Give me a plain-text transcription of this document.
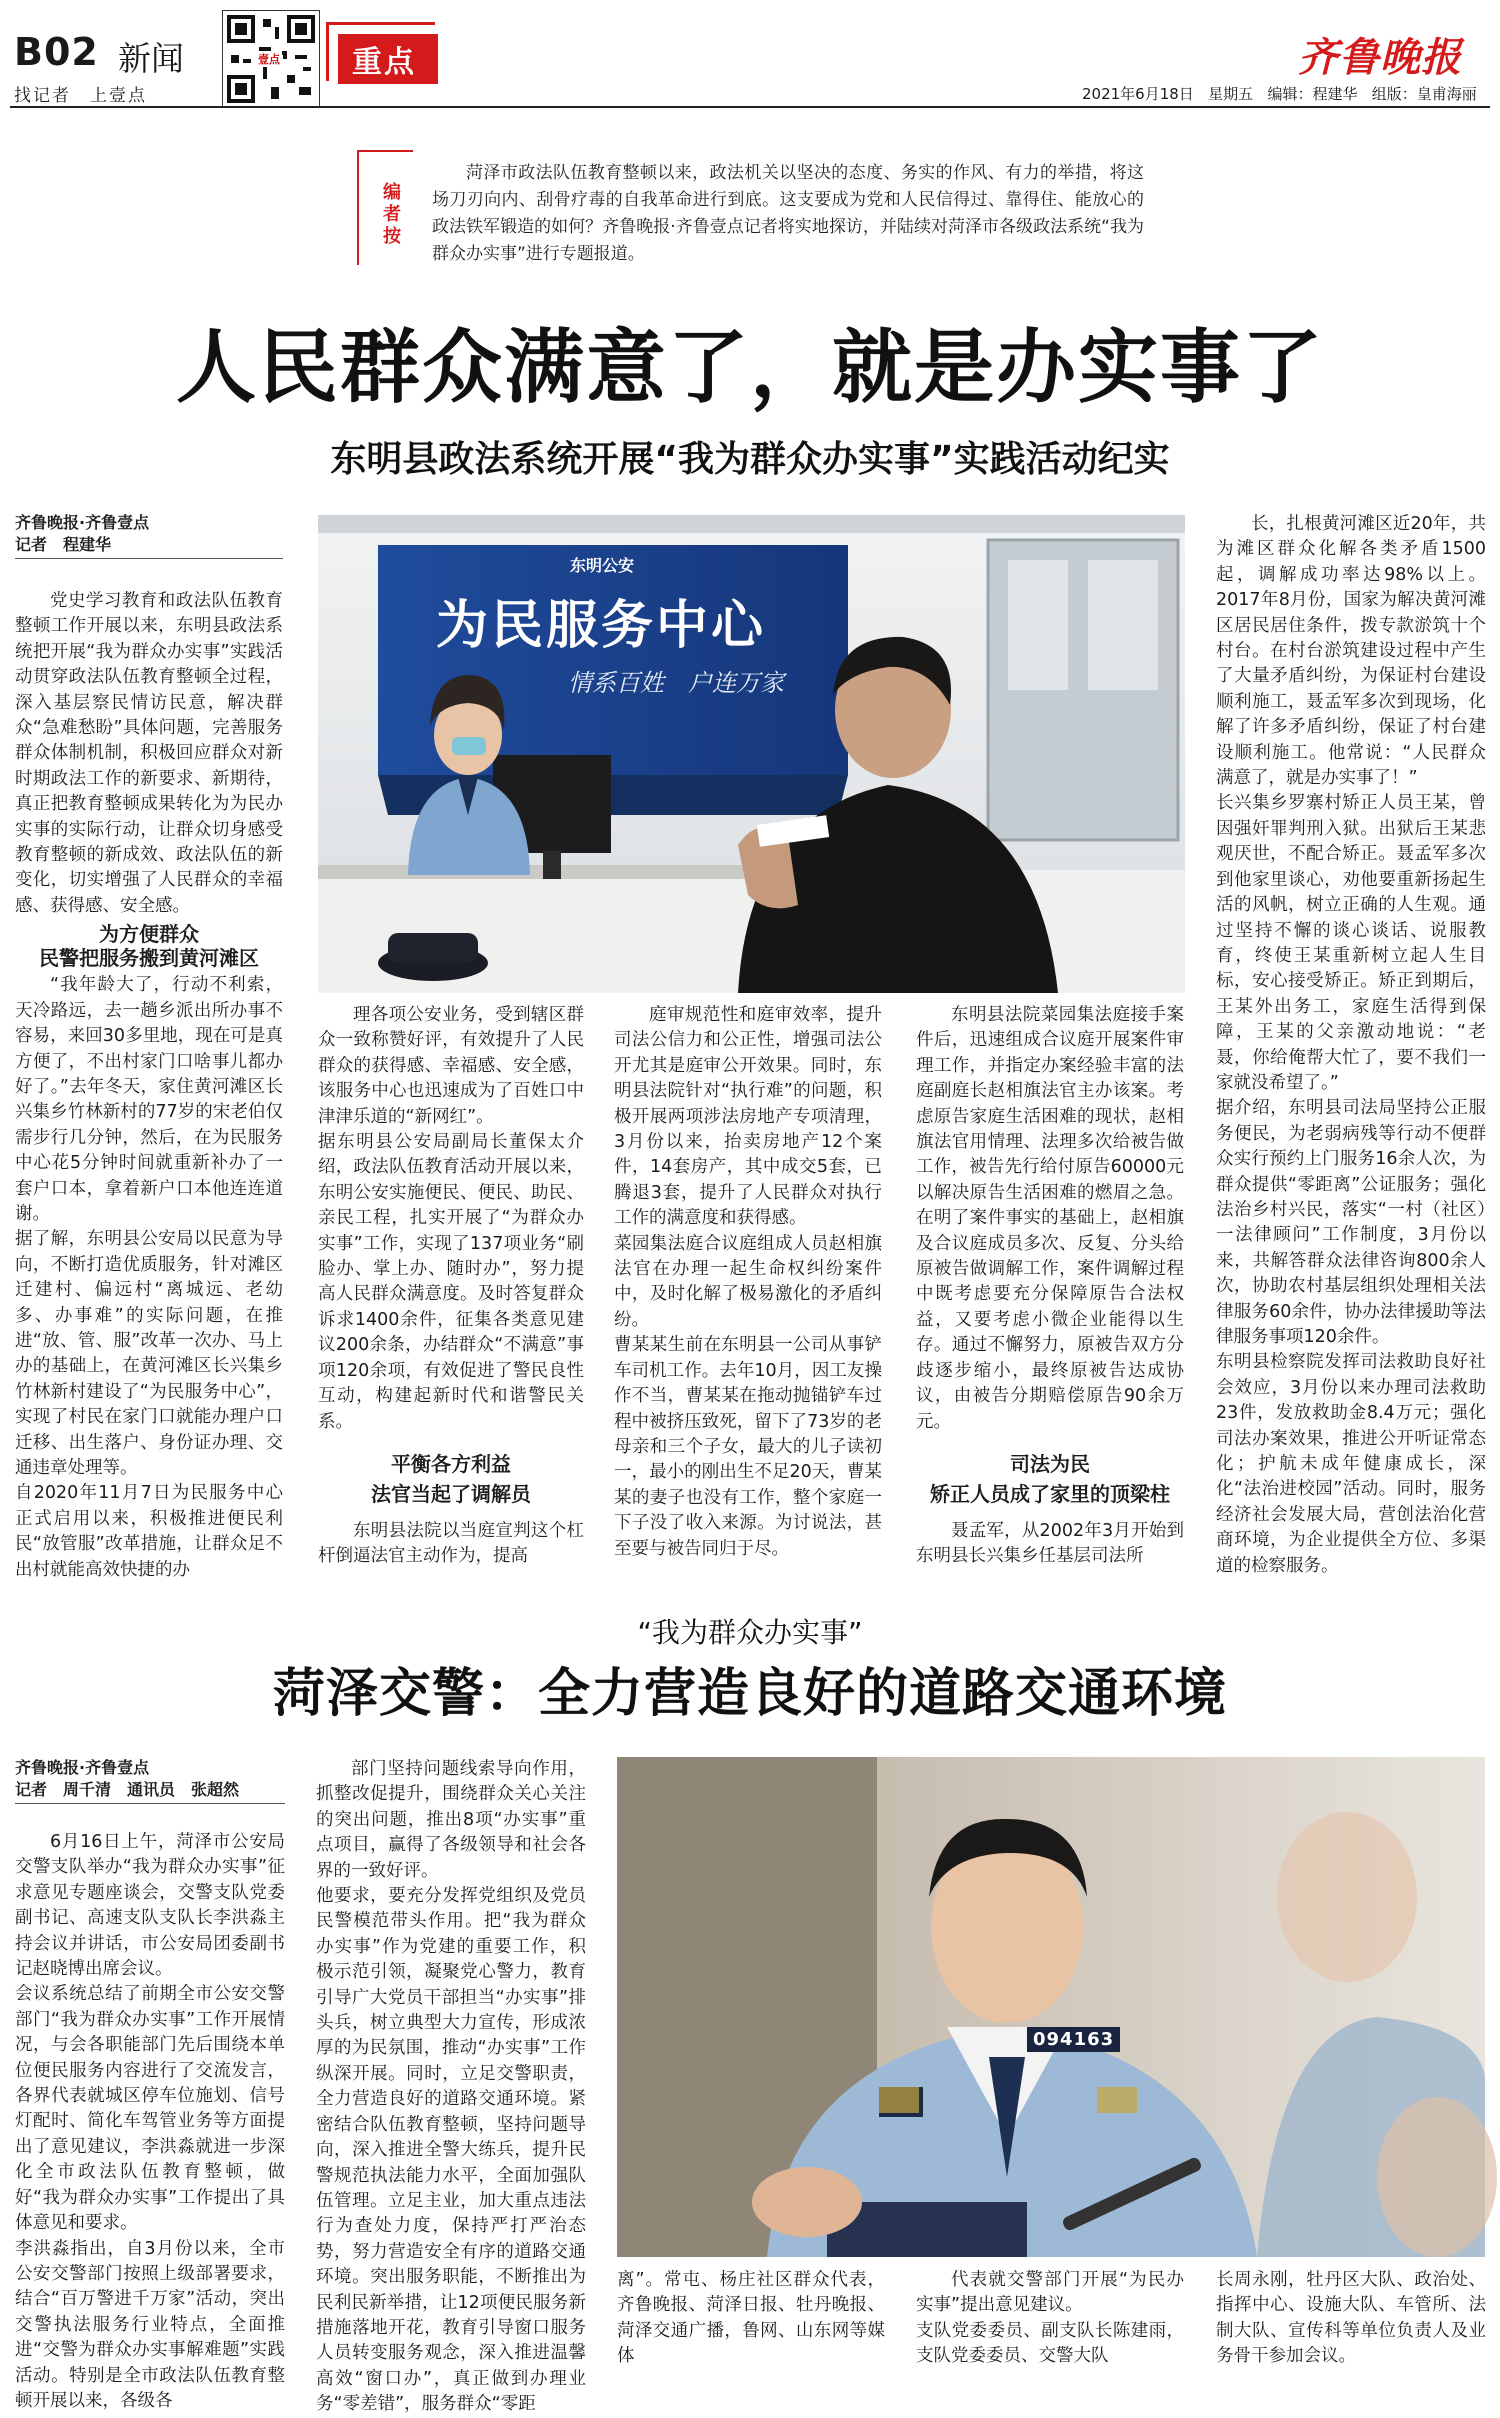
B02 新闻
找记者　上壹点
壹点 重点	齐鲁晚报
2021年6月18日 星期五 编辑：程建华 组版：皇甫海丽
编者按
菏泽市政法队伍教育整顿以来，政法机关以坚决的态度、务实的作风、有力的举措，将这场刀刃向内、刮骨疗毒的自我革命进行到底。这支要成为党和人民信得过、靠得住、能放心的政法铁军锻造的如何？齐鲁晚报·齐鲁壹点记者将实地探访，并陆续对菏泽市各级政法系统“我为群众办实事”进行专题报道。
人民群众满意了，就是办实事了
东明县政法系统开展“我为群众办实事”实践活动纪实
东明公安
为民服务中心
情系百姓　户连万家
齐鲁晚报·齐鲁壹点
记者　程建华

党史学习教育和政法队伍教育整顿工作开展以来，东明县政法系统把开展“我为群众办实事”实践活动贯穿政法队伍教育整顿全过程，深入基层察民情访民意，解决群众“急难愁盼”具体问题，完善服务群众体制机制，积极回应群众对新时期政法工作的新要求、新期待，真正把教育整顿成果转化为为民办实事的实际行动，让群众切身感受教育整顿的新成效、政法队伍的新变化，切实增强了人民群众的幸福感、获得感、安全感。

为方便群众

民警把服务搬到黄河滩区

“我年龄大了，行动不利索，天冷路远，去一趟乡派出所办事不容易，来回30多里地，现在可是真方便了，不出村家门口啥事儿都办好了。”去年冬天，家住黄河滩区长兴集乡竹林新村的77岁的宋老伯仅需步行几分钟，然后，在为民服务中心花5分钟时间就重新补办了一套户口本，拿着新户口本他连连道谢。
据了解，东明县公安局以民意为导向，不断打造优质服务，针对滩区迁建村、偏远村“离城远、老幼多、办事难”的实际问题，在推进“放、管、服”改革一次办、马上办的基础上，在黄河滩区长兴集乡竹林新村建设了“为民服务中心”，实现了村民在家门口就能办理户口迁移、出生落户、身份证办理、交通违章处理等。
自2020年11月7日为民服务中心正式启用以来，积极推进便民利民“放管服”改革措施，让群众足不出村就能高效快捷的办
理各项公安业务，受到辖区群众一致称赞好评，有效提升了人民群众的获得感、幸福感、安全感，该服务中心也迅速成为了百姓口中津津乐道的“新网红”。
据东明县公安局副局长董保太介绍，政法队伍教育活动开展以来，东明公安实施便民、便民、助民、亲民工程，扎实开展了“为群众办实事”工作，实现了137项业务“刷脸办、掌上办、随时办”，努力提高人民群众满意度。及时答复群众诉求1400余件，征集各类意见建议200余条，办结群众“不满意”事项120余项，有效促进了警民良性互动，构建起新时代和谐警民关系。

平衡各方利益

法官当起了调解员

东明县法院以当庭宣判这个杠杆倒逼法官主动作为，提高

庭审规范性和庭审效率，提升司法公信力和公正性，增强司法公开尤其是庭审公开效果。同时，东明县法院针对“执行难”的问题，积极开展两项涉法房地产专项清理，3月份以来，抬卖房地产12个案件，14套房产，其中成交5套，已腾退3套，提升了人民群众对执行工作的满意度和获得感。
菜园集法庭合议庭组成人员赵相旗法官在办理一起生命权纠纷案件中，及时化解了极易激化的矛盾纠纷。
曹某某生前在东明县一公司从事铲车司机工作。去年10月，因工友操作不当，曹某某在拖动抛锚铲车过程中被挤压致死，留下了73岁的老母亲和三个子女，最大的儿子读初一，最小的刚出生不足20天，曹某某的妻子也没有工作，整个家庭一下子没了收入来源。为讨说法，甚至要与被告同归于尽。
东明县法院菜园集法庭接手案件后，迅速组成合议庭开展案件审理工作，并指定办案经验丰富的法庭副庭长赵相旗法官主办该案。考虑原告家庭生活困难的现状，赵相旗法官用情理、法理多次给被告做工作，被告先行给付原告60000元以解决原告生活困难的燃眉之急。在明了案件事实的基础上，赵相旗及合议庭成员多次、反复、分头给原被告做调解工作，案件调解过程中既考虑要充分保障原告合法权益，又要考虑小微企业能得以生存。通过不懈努力，原被告双方分歧逐步缩小，最终原被告达成协议，由被告分期赔偿原告90余万元。

司法为民

矫正人员成了家里的顶梁柱

聂孟军，从2002年3月开始到东明县长兴集乡任基层司法所

长，扎根黄河滩区近20年，共为滩区群众化解各类矛盾1500起，调解成功率达98%以上。2017年8月份，国家为解决黄河滩区居民居住条件，拨专款淤筑十个村台。在村台淤筑建设过程中产生了大量矛盾纠纷，为保证村台建设顺利施工，聂孟军多次到现场，化解了许多矛盾纠纷，保证了村台建设顺利施工。他常说：“人民群众满意了，就是办实事了！”
长兴集乡罗寨村矫正人员王某，曾因强奸罪判刑入狱。出狱后王某悲观厌世，不配合矫正。聂孟军多次到他家里谈心，劝他要重新扬起生活的风帆，树立正确的人生观。通过坚持不懈的谈心谈话、说服教育，终使王某重新树立起人生目标，安心接受矫正。矫正到期后，王某外出务工，家庭生活得到保障，王某的父亲激动地说：“老聂，你给俺帮大忙了，要不我们一家就没希望了。”
据介绍，东明县司法局坚持公正服务便民，为老弱病残等行动不便群众实行预约上门服务16余人次，为群众提供“零距离”公证服务；强化法治乡村兴民，落实“一村（社区）一法律顾问”工作制度，3月份以来，共解答群众法律咨询800余人次，协助农村基层组织处理相关法律服务60余件，协办法律援助等法律服务事项120余件。
东明县检察院发挥司法救助良好社会效应，3月份以来办理司法救助23件，发放救助金8.4万元；强化司法办案效果，推进公开听证常态化；护航未成年健康成长，深化“法治进校园”活动。同时，服务经济社会发展大局，营创法治化营商环境，为企业提供全方位、多渠道的检察服务。
“我为群众办实事”
菏泽交警：全力营造良好的道路交通环境
094163
齐鲁晚报·齐鲁壹点
记者　周千清　通讯员　张超然
6月16日上午，菏泽市公安局交警支队举办“我为群众办实事”征求意见专题座谈会，交警支队党委副书记、高速支队支队长李洪淼主持会议并讲话，市公安局团委副书记赵晓博出席会议。
会议系统总结了前期全市公安交警部门“我为群众办实事”工作开展情况，与会各职能部门先后围绕本单位便民服务内容进行了交流发言，各界代表就城区停车位施划、信号灯配时、简化车驾管业务等方面提出了意见建议，李洪淼就进一步深化全市政法队伍教育整顿，做好“我为群众办实事”工作提出了具体意见和要求。
李洪淼指出，自3月份以来，全市公安交警部门按照上级部署要求，结合“百万警进千万家”活动，突出交警执法服务行业特点，全面推进“交警为群众办实事解难题”实践活动。特别是全市政法队伍教育整顿开展以来，各级各
部门坚持问题线索导向作用，抓整改促提升，围绕群众关心关注的突出问题，推出8项“办实事”重点项目，赢得了各级领导和社会各界的一致好评。
他要求，要充分发挥党组织及党员民警模范带头作用。把“我为群众办实事”作为党建的重要工作，积极示范引领，凝聚党心警力，教育引导广大党员干部担当“办实事”排头兵，树立典型大力宣传，形成浓厚的为民氛围，推动“办实事”工作纵深开展。同时，立足交警职责，全力营造良好的道路交通环境。紧密结合队伍教育整顿，坚持问题导向，深入推进全警大练兵，提升民警规范执法能力水平，全面加强队伍管理。立足主业，加大重点违法行为查处力度，保持严打严治态势，努力营造安全有序的道路交通环境。突出服务职能，不断推出为民利民新举措，让12项便民服务新措施落地开花，教育引导窗口服务人员转变服务观念，深入推进温馨高效“窗口办”，真正做到办理业务“零差错”，服务群众“零距
离”。常屯、杨庄社区群众代表，齐鲁晚报、菏泽日报、牡丹晚报、菏泽交通广播，鲁网、山东网等媒体
代表就交警部门开展“为民办实事”提出意见建议。
支队党委委员、副支队长陈建雨，支队党委委员、交警大队
长周永刚，牡丹区大队、政治处、指挥中心、设施大队、车管所、法制大队、宣传科等单位负责人及业务骨干参加会议。
